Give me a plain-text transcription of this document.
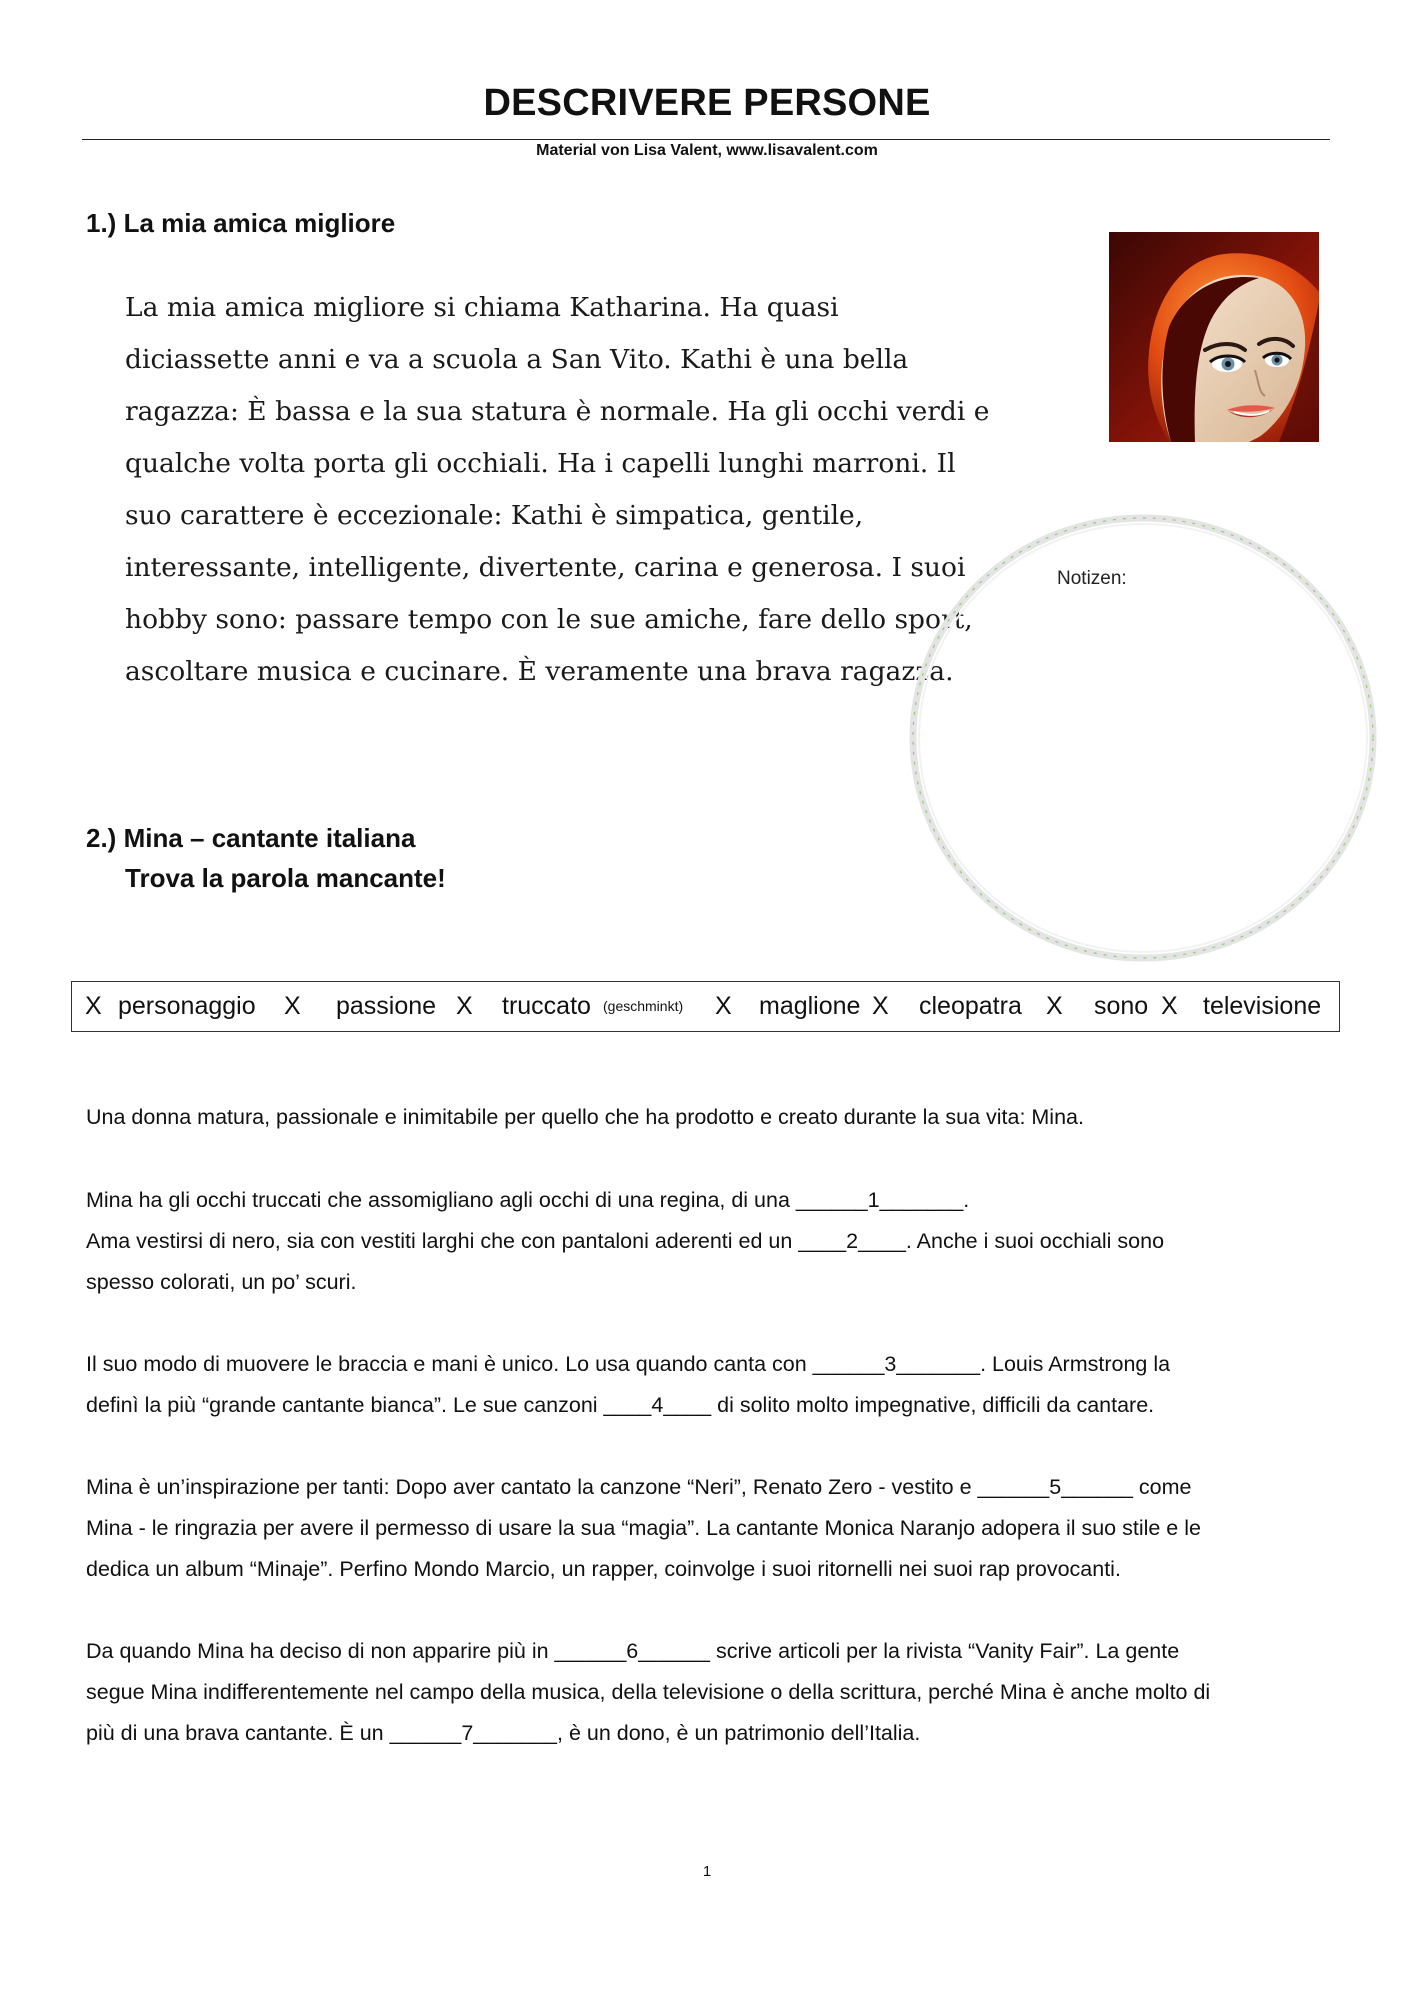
DESCRIVERE PERSONE
Material von Lisa Valent, www.lisavalent.com
1.) La mia amica migliore
La mia amica migliore si chiama Katharina. Ha quasi
diciassette anni e va a scuola a San Vito. Kathi è una bella
ragazza: È bassa e la sua statura è normale. Ha gli occhi verdi e
qualche volta porta gli occhiali. Ha i capelli lunghi marroni. Il
suo carattere è eccezionale: Kathi è simpatica, gentile,
interessante, intelligente, divertente, carina e generosa. I suoi
hobby sono: passare tempo con le sue amiche, fare dello sport,
ascoltare musica e cucinare. È veramente una brava ragazza.
Notizen:
2.) Mina – cantante italiana
Trova la parola mancante!
X personaggio X passione X truccato (geschminkt) X maglione X cleopatra X sono X televisione
Una donna matura, passionale e inimitabile per quello che ha prodotto e creato durante la sua vita: Mina.
Mina ha gli occhi truccati che assomigliano agli occhi di una regina, di una ______1_______.
Ama vestirsi di nero, sia con vestiti larghi che con pantaloni aderenti ed un ____2____. Anche i suoi occhiali sono
spesso colorati, un po’ scuri.
Il suo modo di muovere le braccia e mani è unico. Lo usa quando canta con ______3_______. Louis Armstrong la
definì la più “grande cantante bianca”. Le sue canzoni ____4____ di solito molto impegnative, difficili da cantare.
Mina è un’inspirazione per tanti: Dopo aver cantato la canzone “Neri”, Renato Zero - vestito e ______5______ come
Mina - le ringrazia per avere il permesso di usare la sua “magia”. La cantante Monica Naranjo adopera il suo stile e le
dedica un album “Minaje”. Perfino Mondo Marcio, un rapper, coinvolge i suoi ritornelli nei suoi rap provocanti.
Da quando Mina ha deciso di non apparire più in ______6______ scrive articoli per la rivista “Vanity Fair”. La gente
segue Mina indifferentemente nel campo della musica, della televisione o della scrittura, perché Mina è anche molto di
più di una brava cantante. È un ______7_______, è un dono, è un patrimonio dell’Italia.
1
